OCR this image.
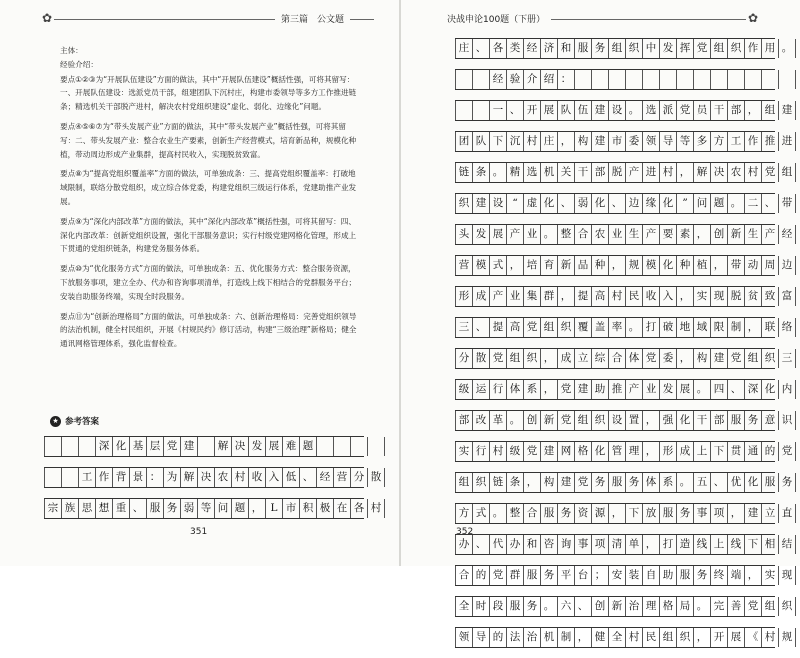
✿	第三篇　公文题

主体：

经验介绍：

要点①②③为“开展队伍建设”方面的做法，其中“开展队伍建设”概括性强，可将其留写：一、开展队伍建设：选派党员干部，组建团队下沉村庄，构建市委领导等多方工作推进链条；精选机关干部脱产进村，解决农村党组织建设“虚化、弱化、边缘化”问题。

要点④⑤⑥⑦为“带头发展产业”方面的做法，其中“带头发展产业”概括性强，可将其留写：二、带头发展产业：整合农业生产要素，创新生产经营模式，培育新品种，规模化种植，带动周边形成产业集群，提高村民收入，实现脱贫致富。

要点⑧为“提高党组织覆盖率”方面的做法，可单独成条：三、提高党组织覆盖率：打破地域限制，联络分散党组织，成立综合体党委，构建党组织三级运行体系，党建助推产业发展。

要点⑨为“深化内部改革”方面的做法，其中“深化内部改革”概括性强，可将其留写：四、深化内部改革：创新党组织设置，强化干部服务意识；实行村级党建网格化管理，形成上下贯通的党组织链条，构建党务服务体系。

要点⑩为“优化服务方式”方面的做法，可单独成条：五、优化服务方式：整合服务资源，下放服务事项，建立全办、代办和咨询事项清单，打造线上线下相结合的党群服务平台；安装自助服务终端，实现全时段服务。

要点⑪为“创新治理格局”方面的做法，可单独成条：六、创新治理格局：完善党组织领导的法治机制，健全村民组织，开展《村规民约》修订活动，构建“三级治理”新格局；健全通讯网格管理体系，强化监督检查。

★ 参考答案
深 化 基 层 党 建	解 决 发 展 难 题
工 作 背 景 ： 为 解 决 农 村 收 入 低 、 经 营 分 散
宗 族 思 想 重 、 服 务 弱 等 问 题 ， L 市 积 极 在 各 村
351
决战申论100题（下册）	✿
352
庄 、 各 类 经 济 和 服 务 组 织 中 发 挥 党 组 织 作 用 。
经 验 介 绍 ：
一 、 开 展 队 伍 建 设 。 选 派 党 员 干 部 ， 组 建
团 队 下 沉 村 庄 ， 构 建 市 委 领 导 等 多 方 工 作 推 进
链 条 。 精 选 机 关 干 部 脱 产 进 村 ， 解 决 农 村 党 组
织 建 设 “ 虚 化 、 弱 化 、 边 缘 化 ” 问 题 。 二 、 带
头 发 展 产 业 。 整 合 农 业 生 产 要 素 ， 创 新 生 产 经
营 模 式 ， 培 育 新 品 种 ， 规 模 化 种 植 ， 带 动 周 边
形 成 产 业 集 群 ， 提 高 村 民 收 入 ， 实 现 脱 贫 致 富
三 、 提 高 党 组 织 覆 盖 率 。 打 破 地 域 限 制 ， 联 络
分 散 党 组 织 ， 成 立 综 合 体 党 委 ， 构 建 党 组 织 三
级 运 行 体 系 ， 党 建 助 推 产 业 发 展 。 四 、 深 化 内
部 改 革 。 创 新 党 组 织 设 置 ， 强 化 干 部 服 务 意 识
实 行 村 级 党 建 网 格 化 管 理 ， 形 成 上 下 贯 通 的 党
组 织 链 条 ， 构 建 党 务 服 务 体 系 。 五 、 优 化 服 务
方 式 。 整 合 服 务 资 源 ， 下 放 服 务 事 项 ， 建 立 直
办 、 代 办 和 咨 询 事 项 清 单 ， 打 造 线 上 线 下 相 结
合 的 党 群 服 务 平 台 ； 安 装 自 助 服 务 终 端 ， 实 现
全 时 段 服 务 。 六 、 创 新 治 理 格 局 。 完 善 党 组 织
领 导 的 法 治 机 制 ， 健 全 村 民 组 织 ， 开 展 《 村 规
